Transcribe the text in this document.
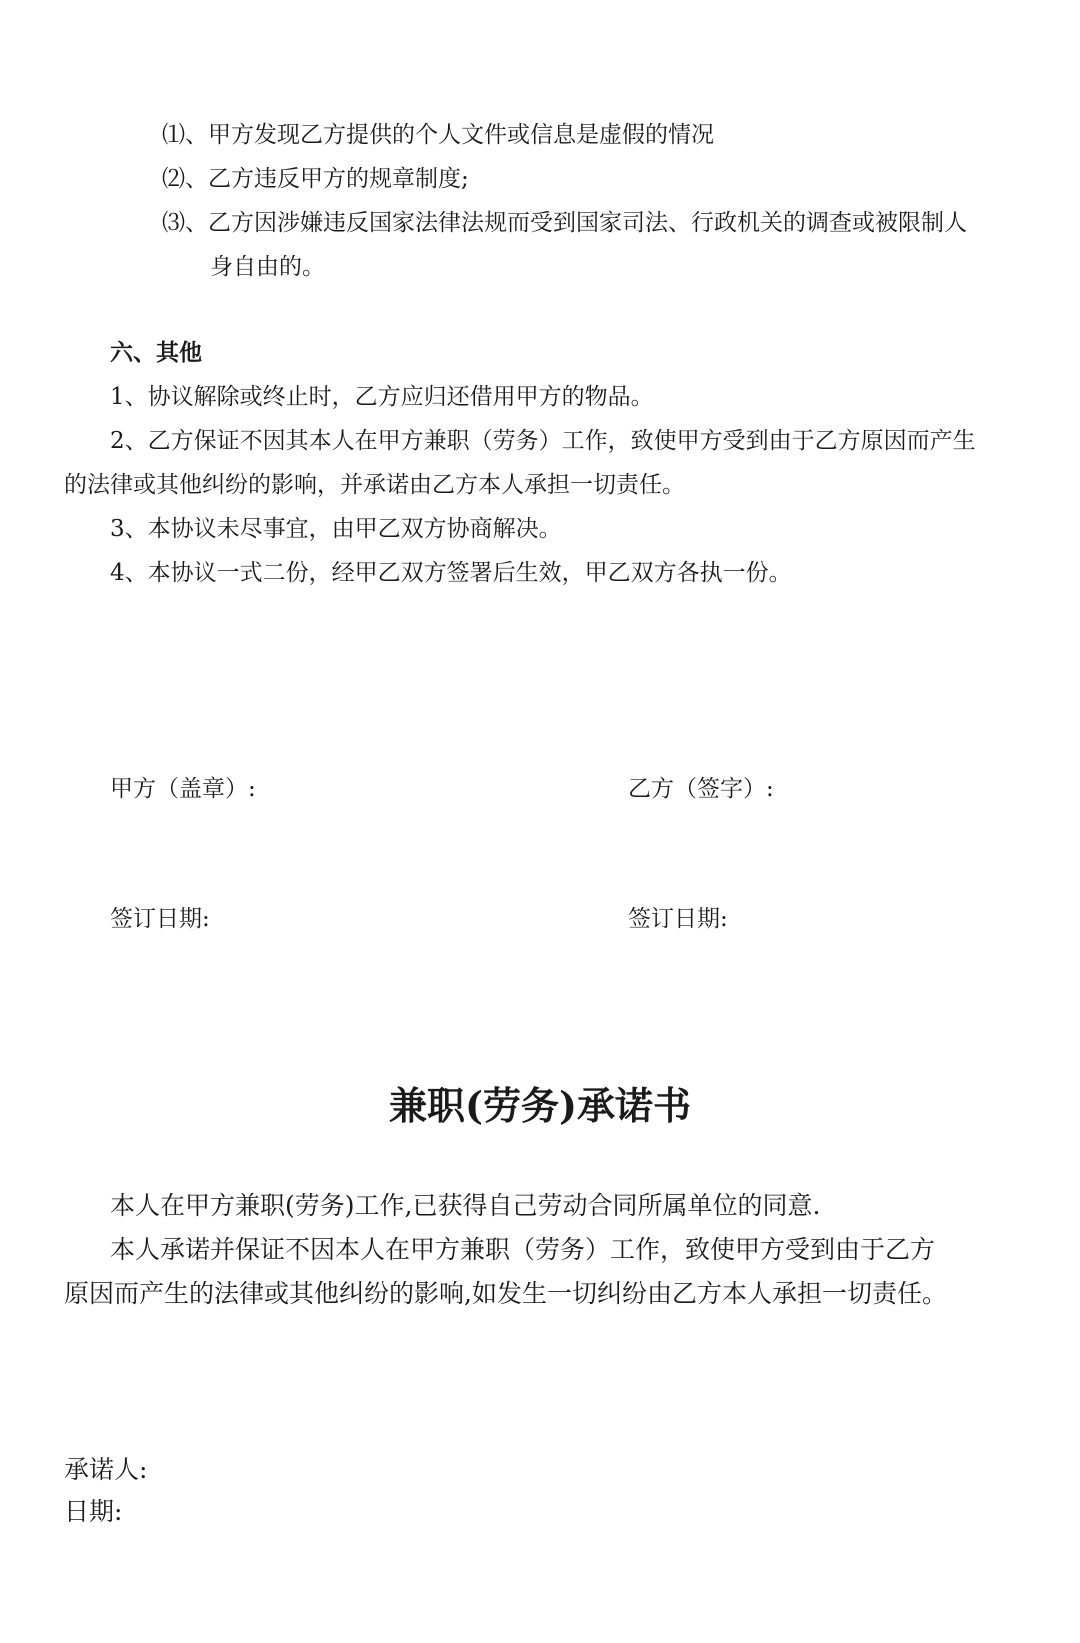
⑴、甲方发现乙方提供的个人文件或信息是虚假的情况
⑵、乙方违反甲方的规章制度;
⑶、乙方因涉嫌违反国家法律法规而受到国家司法、行政机关的调查或被限制人
身自由的。
六、其他
1、协议解除或终止时，乙方应归还借用甲方的物品。
2、乙方保证不因其本人在甲方兼职（劳务）工作，致使甲方受到由于乙方原因而产生
的法律或其他纠纷的影响，并承诺由乙方本人承担一切责任。
3、本协议未尽事宜，由甲乙双方协商解决。
4、本协议一式二份，经甲乙双方签署后生效，甲乙双方各执一份。
甲方（盖章）:	乙方（签字）:
签订日期:	签订日期:
兼职(劳务)承诺书
本人在甲方兼职(劳务)工作,已获得自己劳动合同所属单位的同意.
本人承诺并保证不因本人在甲方兼职（劳务）工作，致使甲方受到由于乙方
原因而产生的法律或其他纠纷的影响,如发生一切纠纷由乙方本人承担一切责任。
承诺人:
日期:
